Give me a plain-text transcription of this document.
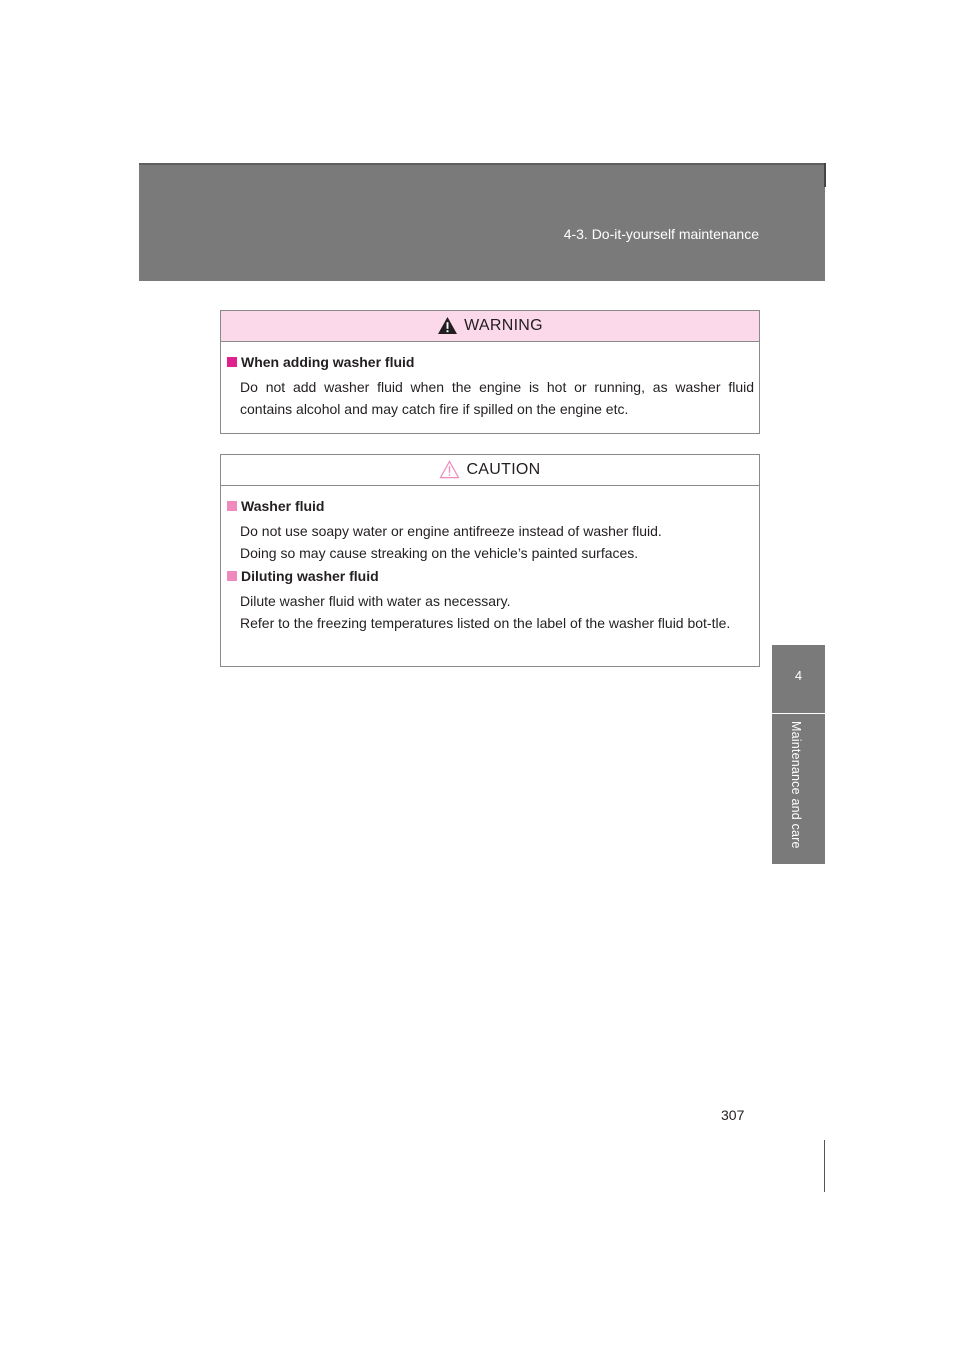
4-3. Do-it-yourself maintenance
4
Maintenance and care
WARNING
When adding washer fluid

Do not add washer fluid when the engine is hot or running, as washer fluid contains alcohol and may catch fire if spilled on the engine etc.

CAUTION
Washer fluid

Do not use soapy water or engine antifreeze instead of washer fluid.

Doing so may cause streaking on the vehicle’s painted surfaces.

Diluting washer fluid

Dilute washer fluid with water as necessary.

Refer to the freezing temperatures listed on the label of the washer fluid bot-tle.

307
